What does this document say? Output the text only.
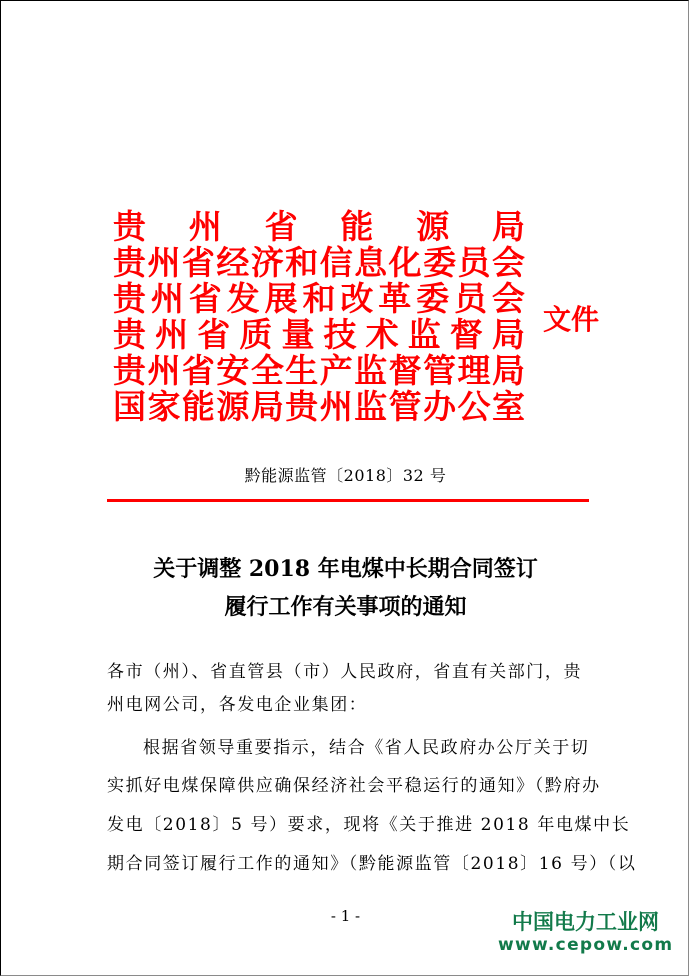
贵 州 省 能 源 局
贵 州 省 经 济 和 信 息 化 委 员 会
贵 州 省 发 展 和 改 革 委 员 会
贵 州 省 质 量 技 术 监 督 局
贵 州 省 安 全 生 产 监 督 管 理 局
国 家 能 源 局 贵 州 监 管 办 公 室
文件
黔能源监管〔2018〕32 号
关于调整 2018 年电煤中长期合同签订
履行工作有关事项的通知
各市（州）、省直管县（市）人民政府，省直有关部门，贵
州电网公司，各发电企业集团：
根据省领导重要指示，结合《省人民政府办公厅关于切
实抓好电煤保障供应确保经济社会平稳运行的通知》（黔府办
发电〔2018〕5 号）要求，现将《关于推进 2018 年电煤中长
期合同签订履行工作的通知》（黔能源监管〔2018〕16 号）（以
- 1 -	中国电力工业网
www.cepow.com
